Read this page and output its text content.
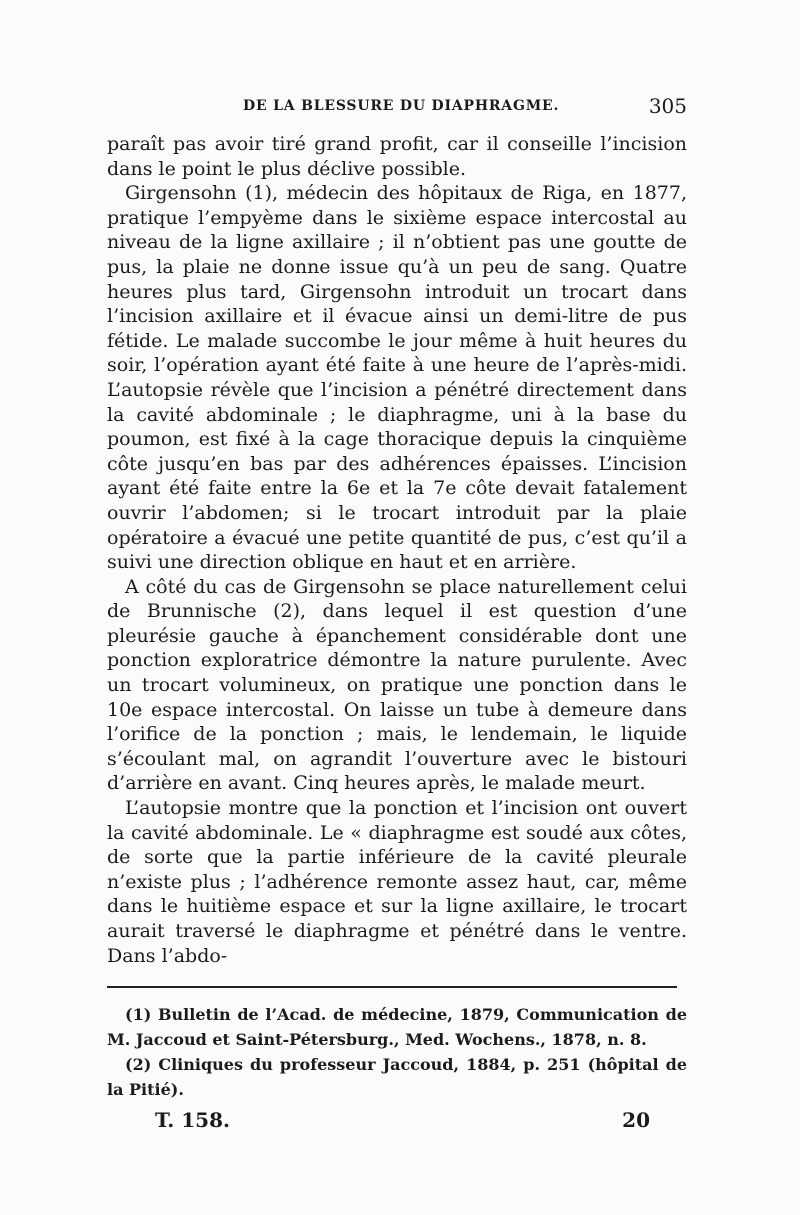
DE LA BLESSURE DU DIAPHRAGME.	305

paraît pas avoir tiré grand profit, car il conseille l’incision dans le point le plus déclive possible.

Girgensohn (1), médecin des hôpitaux de Riga, en 1877, pratique l’empyème dans le sixième espace intercostal au niveau de la ligne axillaire ; il n’obtient pas une goutte de pus, la plaie ne donne issue qu’à un peu de sang. Quatre heures plus tard, Girgensohn introduit un trocart dans l’incision axillaire et il évacue ainsi un demi-litre de pus fétide. Le malade succombe le jour même à huit heures du soir, l’opération ayant été faite à une heure de l’après-midi. L’autopsie révèle que l’incision a pénétré directement dans la cavité abdominale ; le diaphragme, uni à la base du poumon, est fixé à la cage thoracique depuis la cinquième côte jusqu’en bas par des adhérences épaisses. L’incision ayant été faite entre la 6e et la 7e côte devait fatalement ouvrir l’abdomen; si le trocart introduit par la plaie opératoire a évacué une petite quantité de pus, c’est qu’il a suivi une direction oblique en haut et en arrière.

A côté du cas de Girgensohn se place naturellement celui de Brunnische (2), dans lequel il est question d’une pleurésie gauche à épanchement considérable dont une ponction exploratrice démontre la nature purulente. Avec un trocart volumineux, on pratique une ponction dans le 10e espace intercostal. On laisse un tube à demeure dans l’orifice de la ponction ; mais, le lendemain, le liquide s’écoulant mal, on agrandit l’ouverture avec le bistouri d’arrière en avant. Cinq heures après, le malade meurt.

L’autopsie montre que la ponction et l’incision ont ouvert la cavité abdominale. Le « diaphragme est soudé aux côtes, de sorte que la partie inférieure de la cavité pleurale n’existe plus ; l’adhérence remonte assez haut, car, même dans le huitième espace et sur la ligne axillaire, le trocart aurait traversé le diaphragme et pénétré dans le ventre. Dans l’abdo-

(1) Bulletin de l’Acad. de médecine, 1879, Communication de M. Jaccoud et Saint-Pétersburg., Med. Wochens., 1878, n. 8.

(2) Cliniques du professeur Jaccoud, 1884, p. 251 (hôpital de la Pitié).

T. 158.	20
